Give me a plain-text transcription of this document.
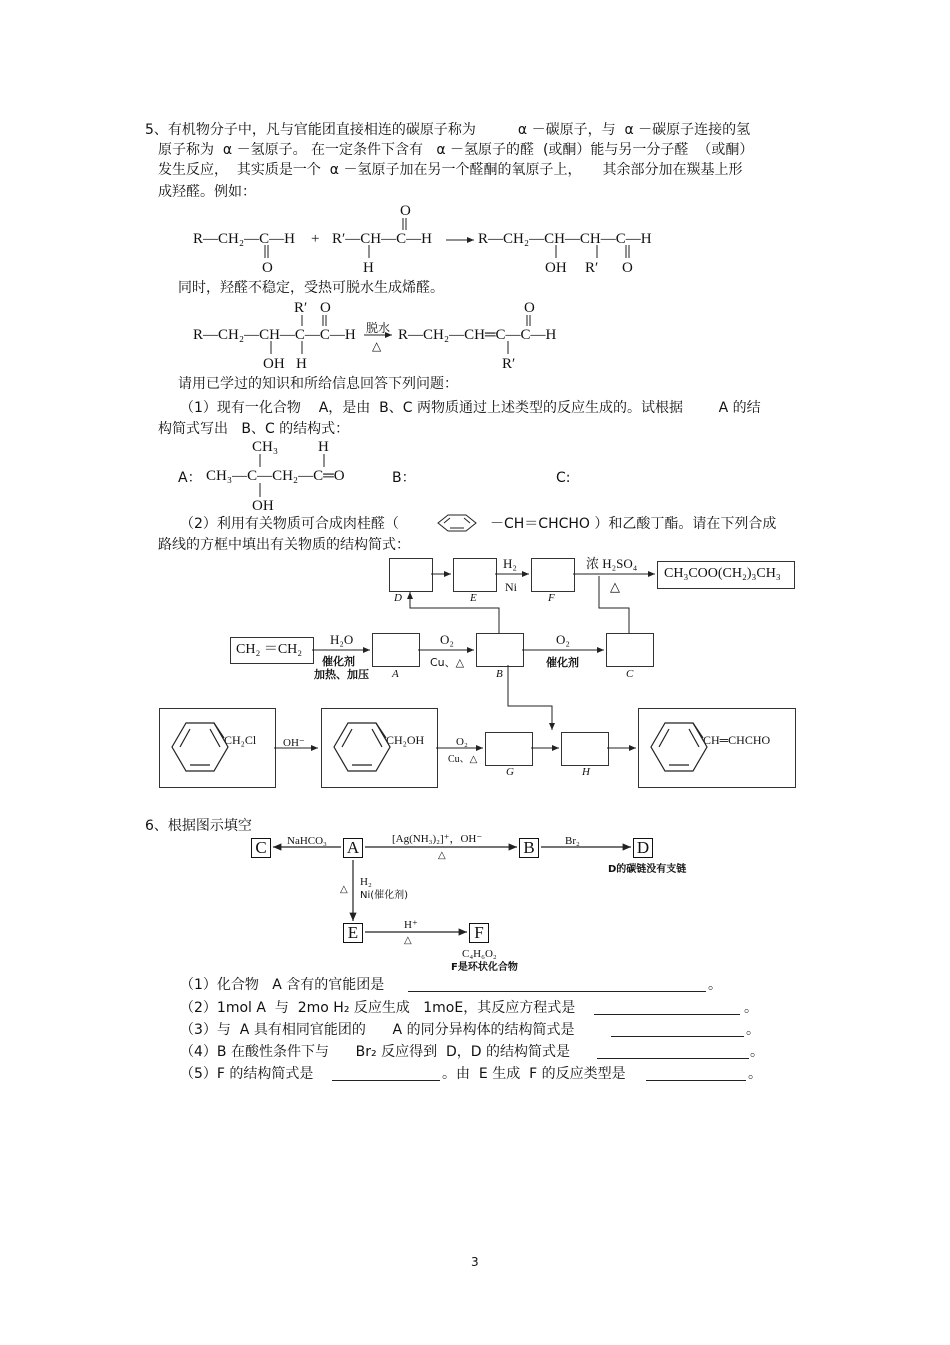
5、有机物分子中，凡与官能团直接相连的碳原子称为　　　α －碳原子，与  α －碳原子连接的氢
原子称为  α －氢原子。 在一定条件下含有   α －氢原子的醛  (或酮）能与另一分子醛  （或酮）
发生反应，  其实质是一个  α －氢原子加在另一个醛酮的氧原子上，　　其余部分加在羰基上形
成羟醛。例如：
R—CH₂—C—H
O
+ R′—CH—C—H
O
H
R—CH₂—CH—CH—C—H
OH R′ O
同时，羟醛不稳定，受热可脱水生成烯醛。
R′ O
R—CH₂—CH—C—C—H
OH H
脱水
△
R—CH₂—CH═C—C—H
O
R′
请用已学过的知识和所给信息回答下列问题：
（1）现有一化合物    A，是由  B、C 两物质通过上述类型的反应生成的。试根据        A 的结
构简式写出   B、C 的结构式：
CH₃	H
A： CH₃—C—CH₂—C═O
OH
B：	C:
（2）利用有关物质可合成肉桂醛（	－CH＝CHCHO ）和乙酸丁酯。请在下列合成
路线的方框中填出有关物质的结构简式：
CH₃COO(CH₂)₃CH₃
CH₂ ＝CH₂
D	E	F
A	B	C
G	H
H₂
Ni
浓 H₂SO₄
△
H₂O
催化剂
加热、加压
O₂
Cu、△
O₂
催化剂
CH₂Cl OH⁻	CH₂OH	O₂
Cu、△
CH═CHCHO
6、根据图示填空
C	A	B	D
E	F
NaHCO₃	[Ag(NH₃)₂]⁺，OH⁻
△
Br₂
D的碳链没有支链
△
H₂
Ni(催化剂)
H⁺
△
C₄H₆O₂
F是环状化合物
（1）化合物   A 含有的官能团是	。
（2）1mol A  与  2mo H₂ 反应生成   1moE，其反应方程式是	。
（3）与  A 具有相同官能团的      A 的同分异构体的结构简式是	。
（4）B 在酸性条件下与      Br₂ 反应得到  D，D 的结构简式是	。
（5）F 的结构简式是	。由  E 生成  F 的反应类型是	。
3
